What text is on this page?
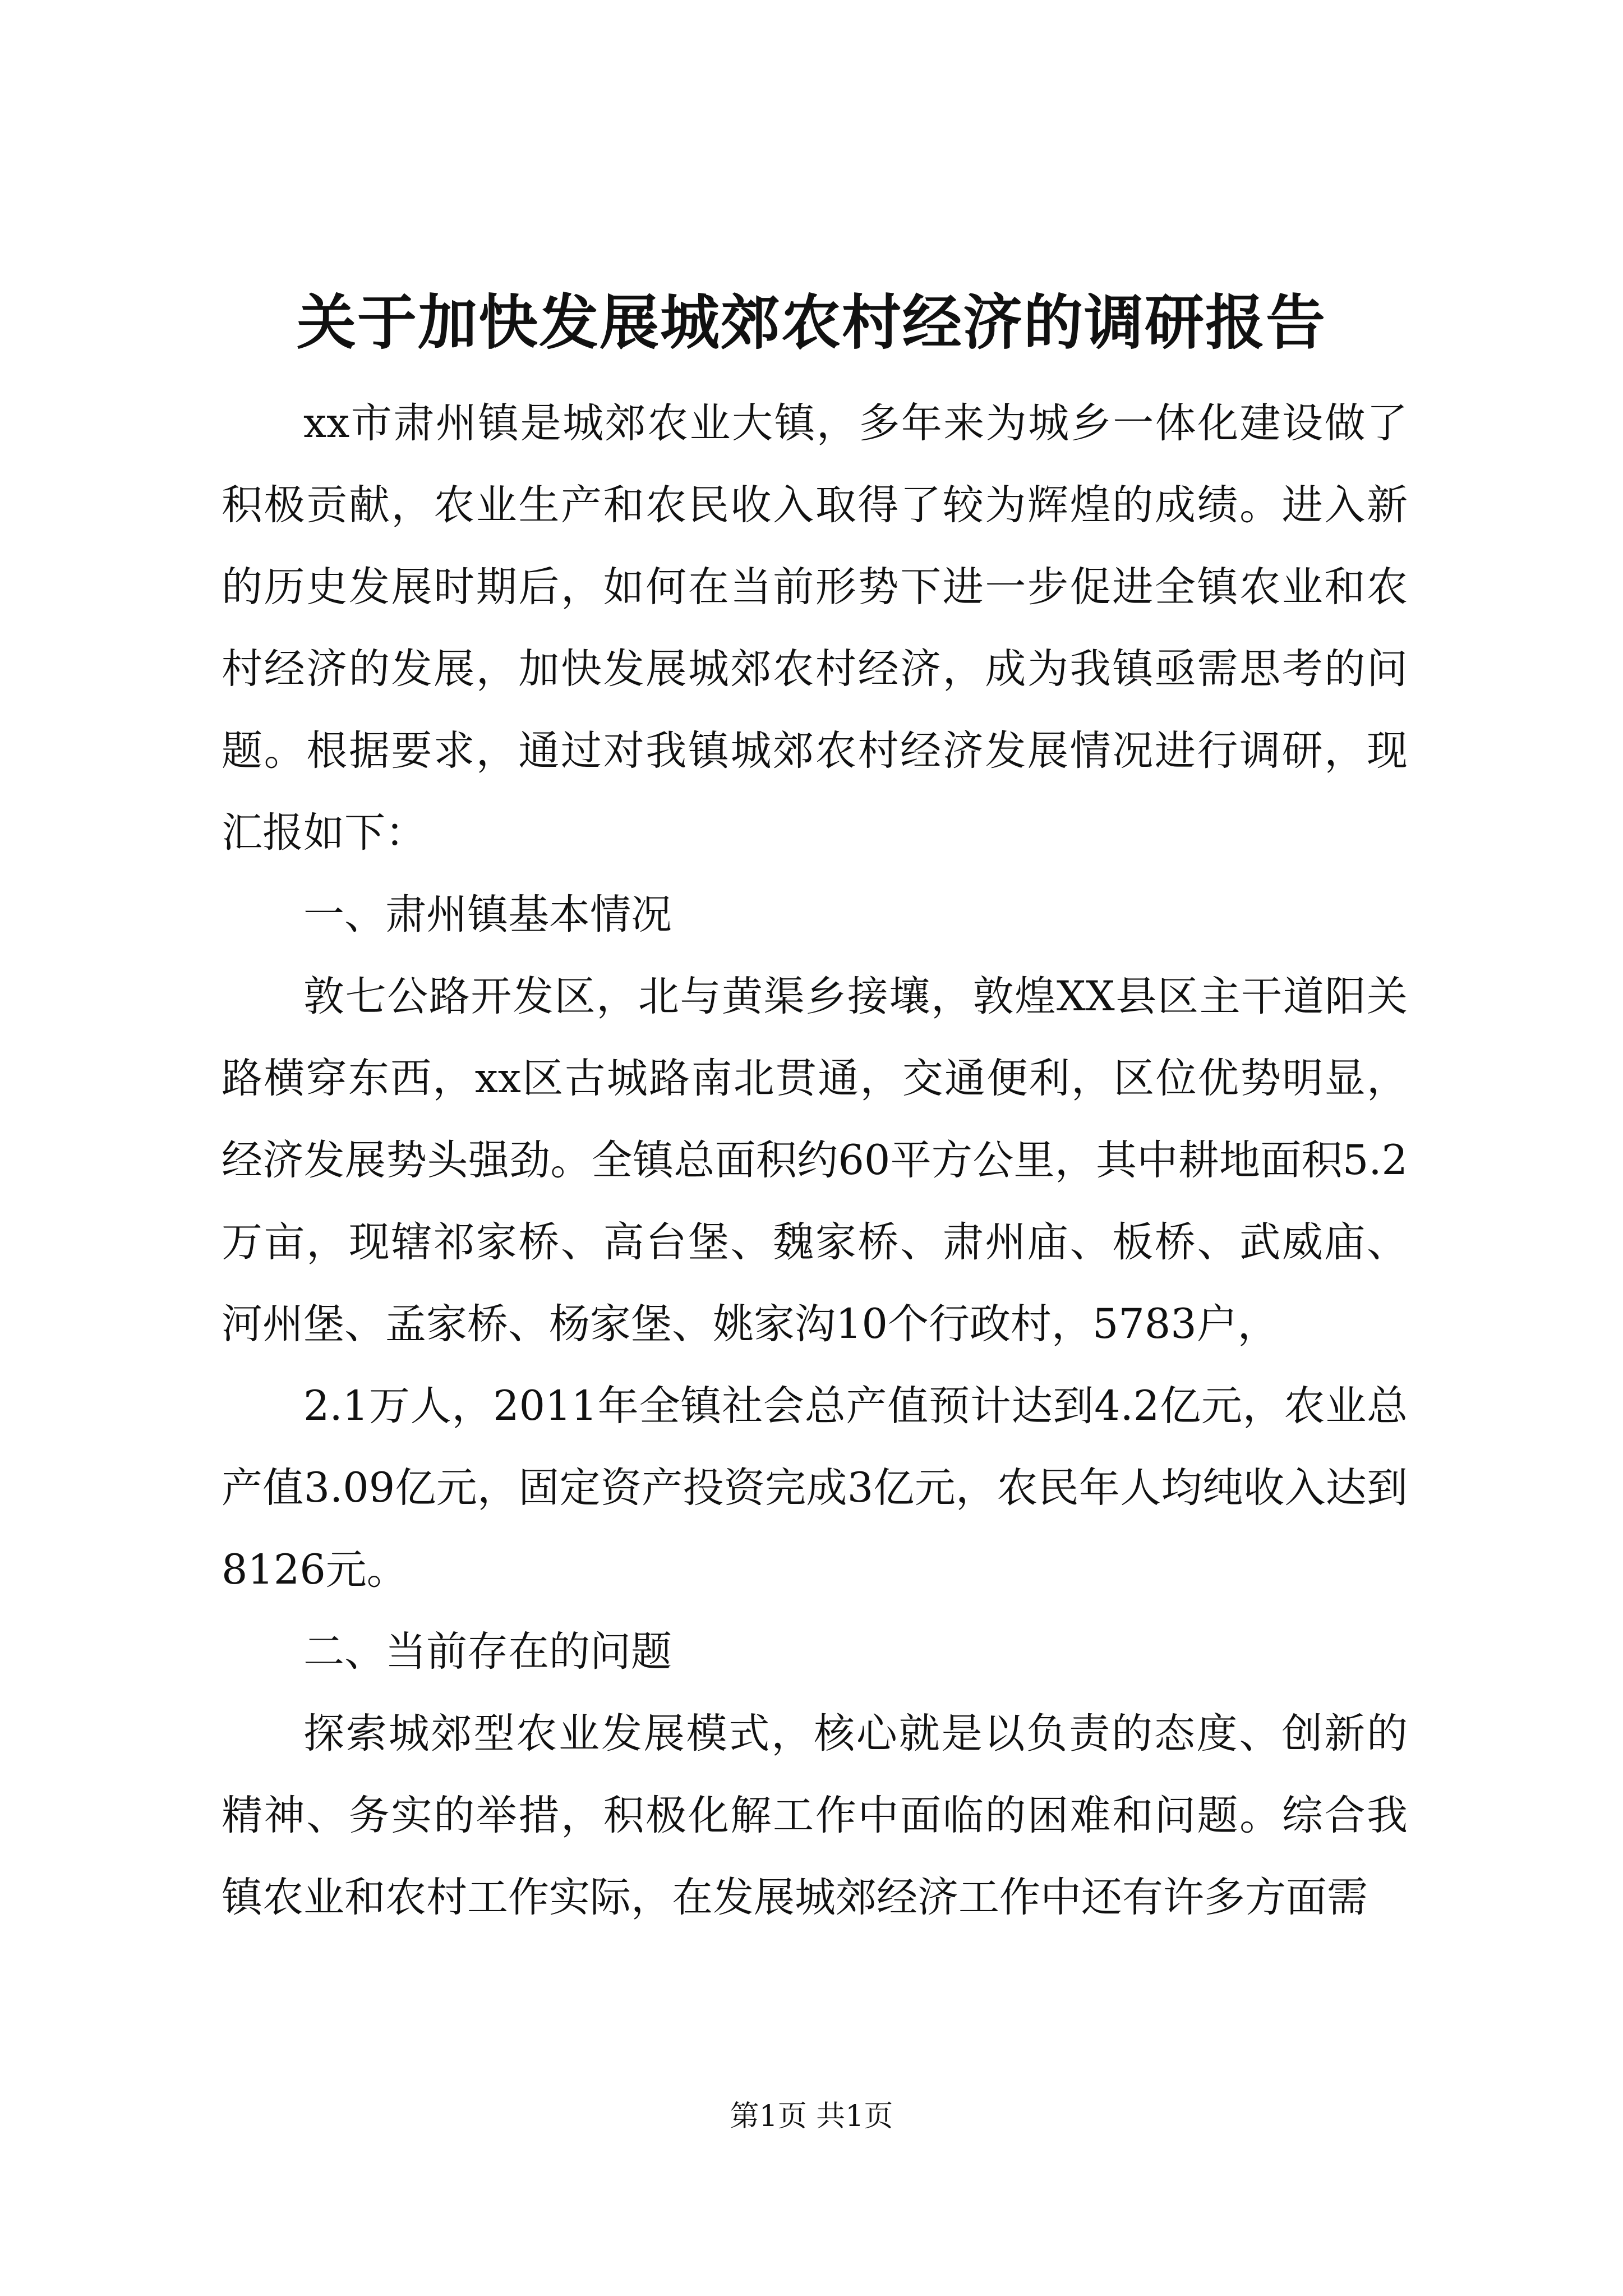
关于加快发展城郊农村经济的调研报告

xx市肃州镇是城郊农业大镇，多年来为城乡一体化建设做了积极贡献，农业生产和农民收入取得了较为辉煌的成绩。进入新的历史发展时期后，如何在当前形势下进一步促进全镇农业和农村经济的发展，加快发展城郊农村经济，成为我镇亟需思考的问题。根据要求，通过对我镇城郊农村经济发展情况进行调研，现汇报如下：

一、肃州镇基本情况

敦七公路开发区，北与黄渠乡接壤，敦煌XX县区主干道阳关路横穿东西，xx区古城路南北贯通，交通便利，区位优势明显，经济发展势头强劲。全镇总面积约60平方公里，其中耕地面积5.2万亩，现辖祁家桥、高台堡、魏家桥、肃州庙、板桥、武威庙、河州堡、孟家桥、杨家堡、姚家沟10个行政村，5783户，

2.1万人，2011年全镇社会总产值预计达到4.2亿元，农业总产值3.09亿元，固定资产投资完成3亿元，农民年人均纯收入达到8126元。

二、当前存在的问题

探索城郊型农业发展模式，核心就是以负责的态度、创新的精神、务实的举措，积极化解工作中面临的困难和问题。综合我镇农业和农村工作实际，在发展城郊经济工作中还有许多方面需

第1页 共1页
